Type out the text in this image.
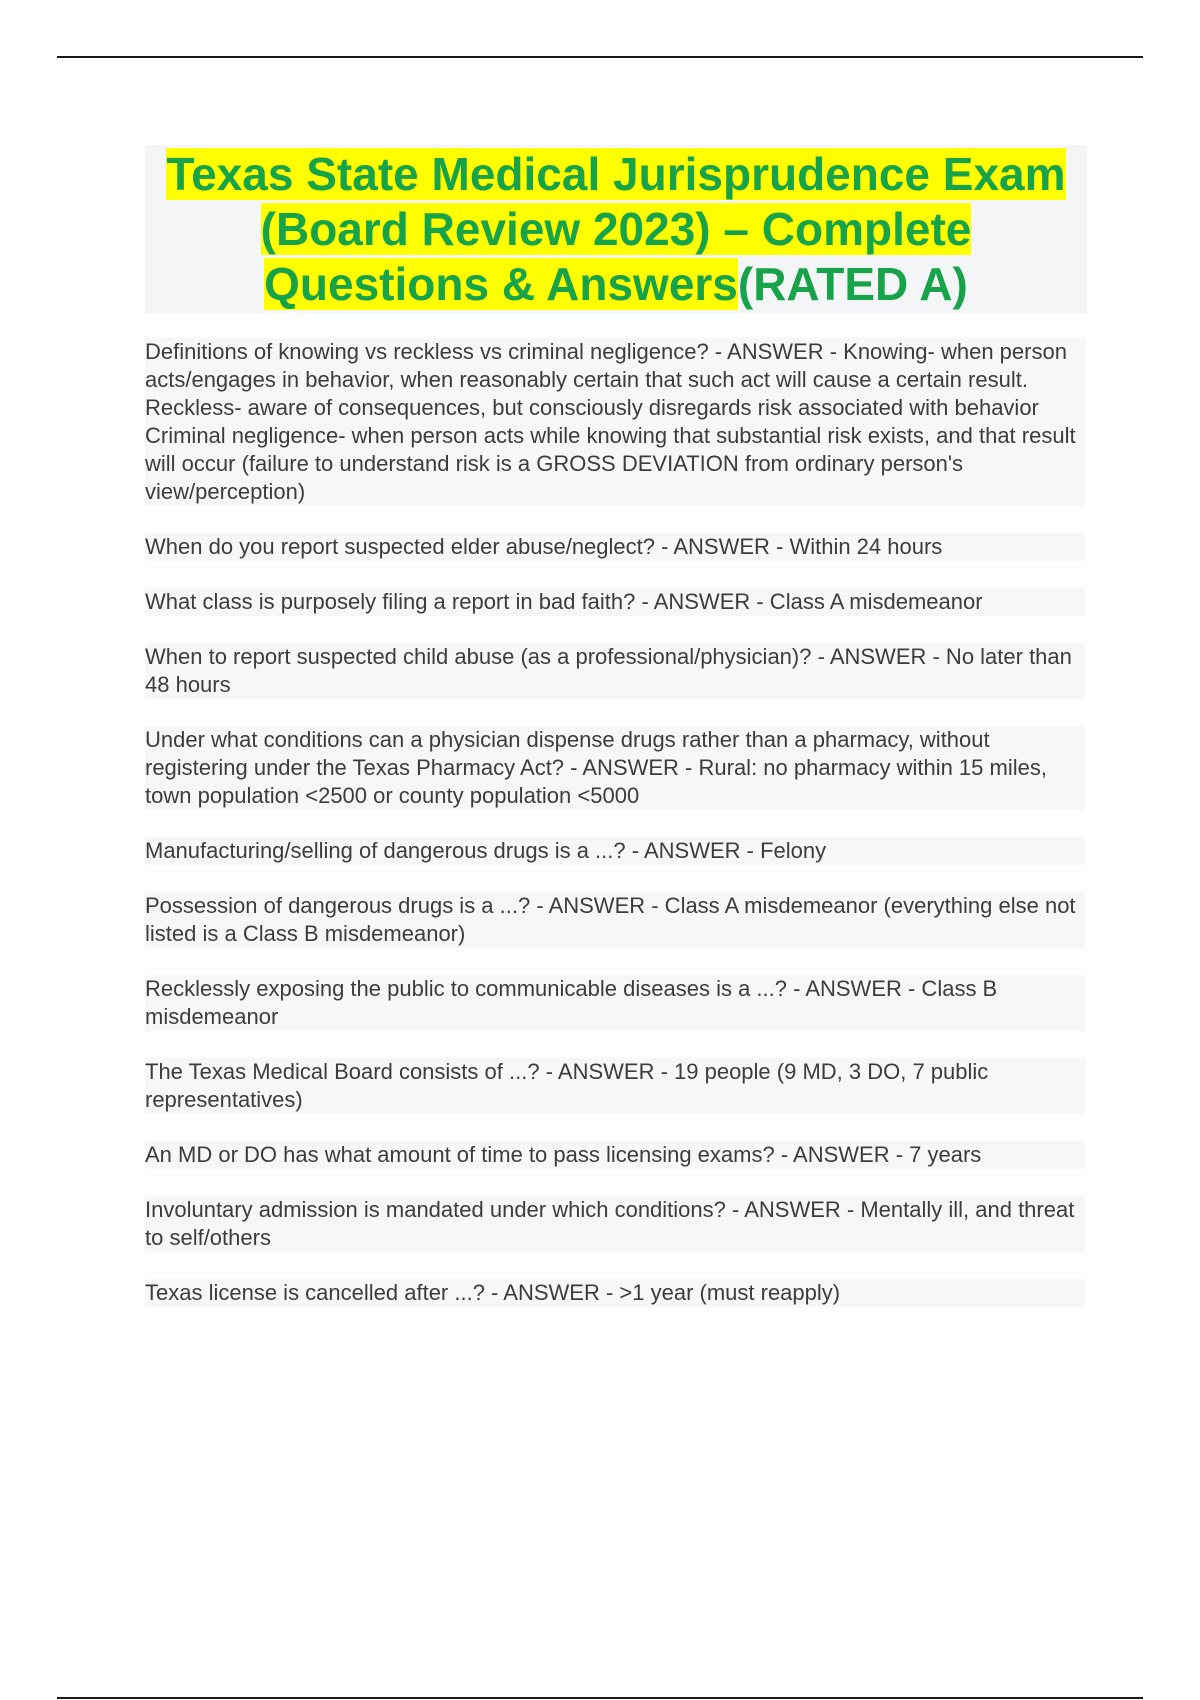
Texas State Medical Jurisprudence Exam (Board Review 2023) – Complete Questions & Answers(RATED A)

Definitions of knowing vs reckless vs criminal negligence? - ANSWER - Knowing- when person acts/engages in behavior, when reasonably certain that such act will cause a certain result.

Reckless- aware of consequences, but consciously disregards risk associated with behavior

Criminal negligence- when person acts while knowing that substantial risk exists, and that result will occur (failure to understand risk is a GROSS DEVIATION from ordinary person's view/perception)

When do you report suspected elder abuse/neglect? - ANSWER - Within 24 hours

What class is purposely filing a report in bad faith? - ANSWER - Class A misdemeanor

When to report suspected child abuse (as a professional/physician)? - ANSWER - No later than 48 hours

Under what conditions can a physician dispense drugs rather than a pharmacy, without registering under the Texas Pharmacy Act? - ANSWER - Rural: no pharmacy within 15 miles, town population <2500 or county population <5000

Manufacturing/selling of dangerous drugs is a ...? - ANSWER - Felony

Possession of dangerous drugs is a ...? - ANSWER - Class A misdemeanor (everything else not listed is a Class B misdemeanor)

Recklessly exposing the public to communicable diseases is a ...? - ANSWER - Class B misdemeanor

The Texas Medical Board consists of ...? - ANSWER - 19 people (9 MD, 3 DO, 7 public representatives)

An MD or DO has what amount of time to pass licensing exams? - ANSWER - 7 years

Involuntary admission is mandated under which conditions? - ANSWER - Mentally ill, and threat to self/others

Texas license is cancelled after ...? - ANSWER - >1 year (must reapply)
